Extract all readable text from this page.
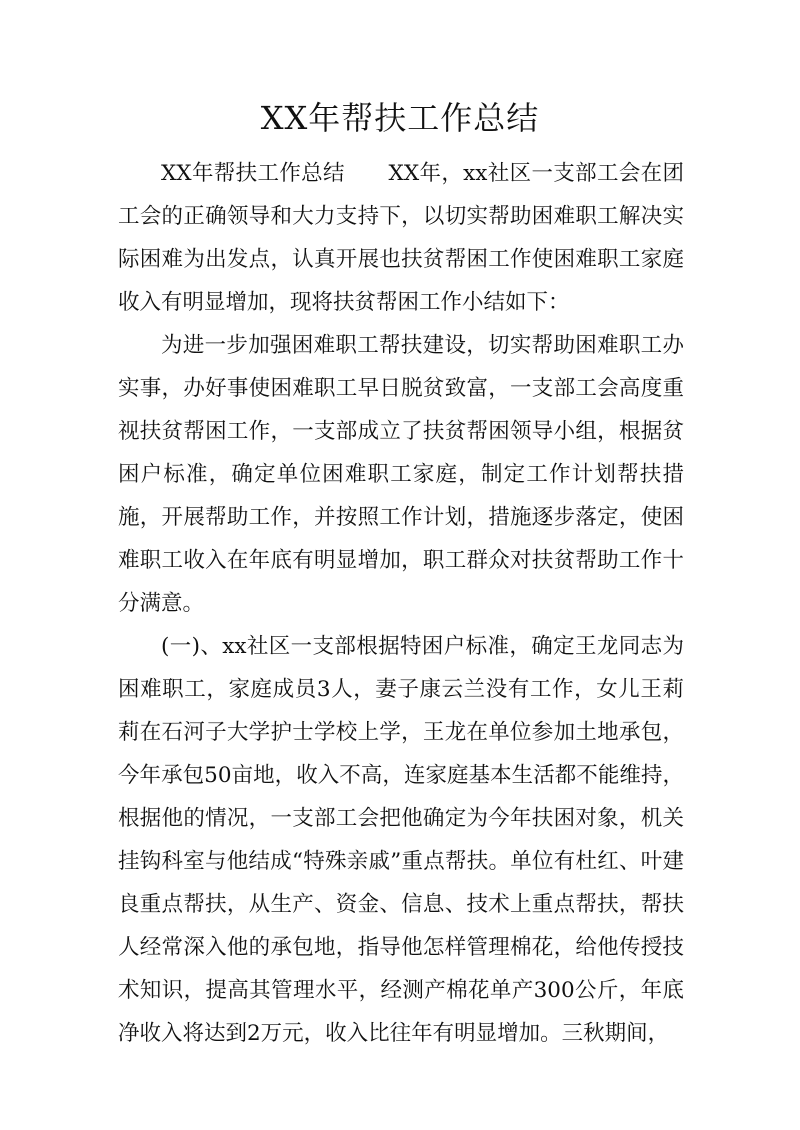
XX年帮扶工作总结

XX年帮扶工作总结　　XX年，xx社区一支部工会在团工会的正确领导和大力支持下，以切实帮助困难职工解决实际困难为出发点，认真开展也扶贫帮困工作使困难职工家庭收入有明显增加，现将扶贫帮困工作小结如下：

为进一步加强困难职工帮扶建设，切实帮助困难职工办实事，办好事使困难职工早日脱贫致富，一支部工会高度重视扶贫帮困工作，一支部成立了扶贫帮困领导小组，根据贫困户标准，确定单位困难职工家庭，制定工作计划帮扶措施，开展帮助工作，并按照工作计划，措施逐步落定，使困难职工收入在年底有明显增加，职工群众对扶贫帮助工作十分满意。

(一)、xx社区一支部根据特困户标准，确定王龙同志为困难职工，家庭成员3人，妻子康云兰没有工作，女儿王莉莉在石河子大学护士学校上学，王龙在单位参加土地承包，今年承包50亩地，收入不高，连家庭基本生活都不能维持，根据他的情况，一支部工会把他确定为今年扶困对象，机关挂钩科室与他结成“特殊亲戚”重点帮扶。单位有杜红、叶建良重点帮扶，从生产、资金、信息、技术上重点帮扶，帮扶人经常深入他的承包地，指导他怎样管理棉花，给他传授技术知识，提高其管理水平，经测产棉花单产300公斤，年底净收入将达到2万元，收入比往年有明显增加。三秋期间，
